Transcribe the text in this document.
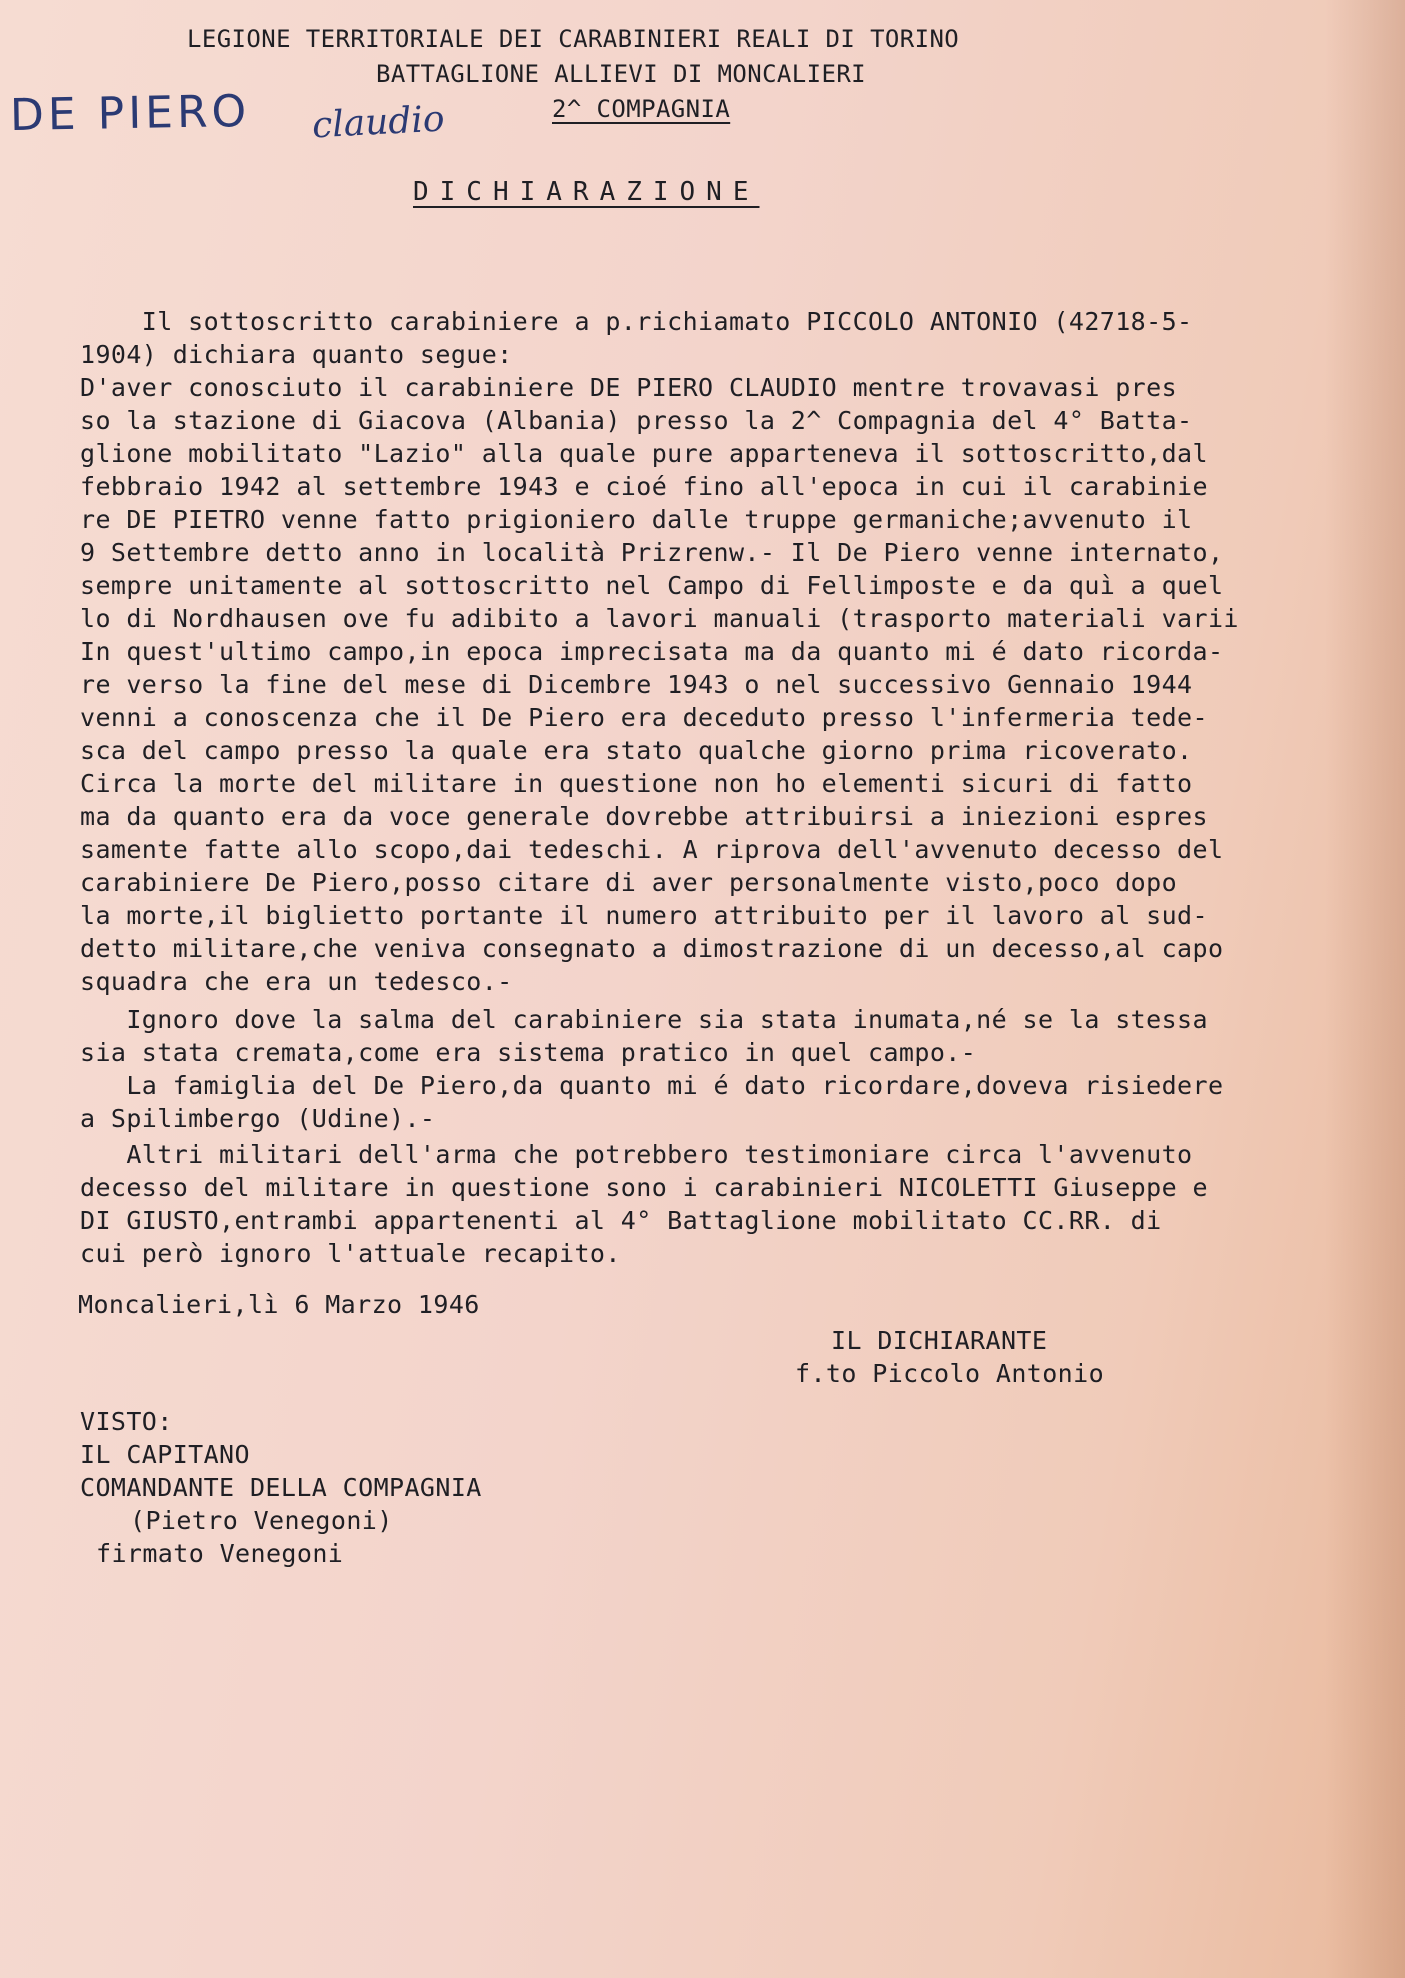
LEGIONE TERRITORIALE DEI CARABINIERI REALI DI TORINO
BATTAGLIONE ALLIEVI DI MONCALIERI
2^ COMPAGNIA
DE PIERO claudio
DICHIARAZIONE
Il sottoscritto carabiniere a p.richiamato PICCOLO ANTONIO (42718-5-
1904) dichiara quanto segue:
D'aver conosciuto il carabiniere DE PIERO CLAUDIO mentre trovavasi pres
so la stazione di Giacova (Albania) presso la 2^ Compagnia del 4° Batta-
glione mobilitato "Lazio" alla quale pure apparteneva il sottoscritto,dal
febbraio 1942 al settembre 1943 e cioé fino all'epoca in cui il carabinie
re DE PIETRO venne fatto prigioniero dalle truppe germaniche;avvenuto il
9 Settembre detto anno in località Prizrenw.- Il De Piero venne internato,
sempre unitamente al sottoscritto nel Campo di Fellimposte e da quì a quel
lo di Nordhausen ove fu adibito a lavori manuali (trasporto materiali varii
In quest'ultimo campo,in epoca imprecisata ma da quanto mi é dato ricorda-
re verso la fine del mese di Dicembre 1943 o nel successivo Gennaio 1944
venni a conoscenza che il De Piero era deceduto presso l'infermeria tede-
sca del campo presso la quale era stato qualche giorno prima ricoverato.
Circa la morte del militare in questione non ho elementi sicuri di fatto
ma da quanto era da voce generale dovrebbe attribuirsi a iniezioni espres
samente fatte allo scopo,dai tedeschi. A riprova dell'avvenuto decesso del
carabiniere De Piero,posso citare di aver personalmente visto,poco dopo
la morte,il biglietto portante il numero attribuito per il lavoro al sud-
detto militare,che veniva consegnato a dimostrazione di un decesso,al capo
squadra che era un tedesco.-
Ignoro dove la salma del carabiniere sia stata inumata,né se la stessa
sia stata cremata,come era sistema pratico in quel campo.-
La famiglia del De Piero,da quanto mi é dato ricordare,doveva risiedere
a Spilimbergo (Udine).-
Altri militari dell'arma che potrebbero testimoniare circa l'avvenuto
decesso del militare in questione sono i carabinieri NICOLETTI Giuseppe e
DI GIUSTO,entrambi appartenenti al 4° Battaglione mobilitato CC.RR. di
cui però ignoro l'attuale recapito.
Moncalieri,lì 6 Marzo 1946
IL DICHIARANTE
f.to Piccolo Antonio
VISTO:
IL CAPITANO
COMANDANTE DELLA COMPAGNIA
(Pietro Venegoni)
firmato Venegoni
